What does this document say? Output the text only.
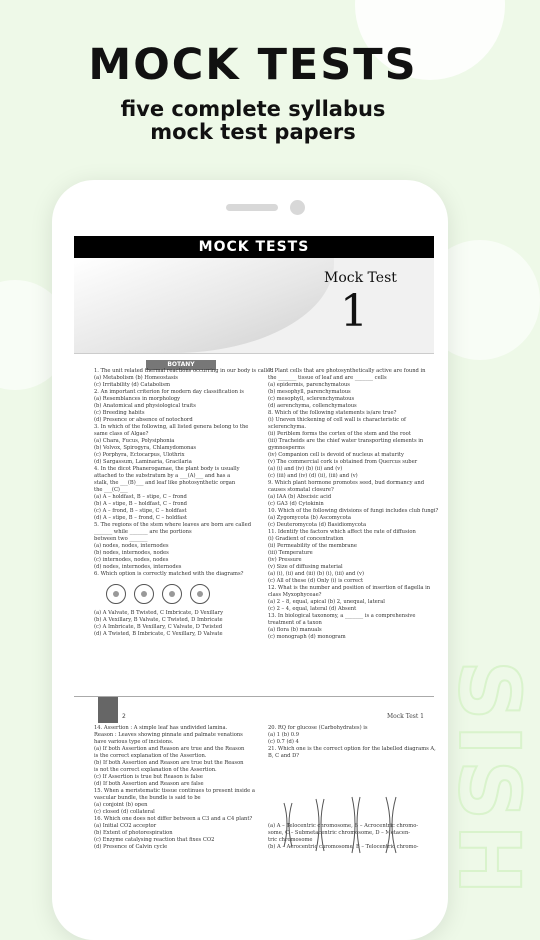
MOCK TESTS
five complete syllabus
mock test papers
SISH
MOCK TESTS
Mock Test
1
BOTANY
1. The unit related thermal reactions occurring in our body is called
(a) Metabolism (b) Homeostasis
(c) Irritability (d) Catabolism
2. An important criterion for modern day classification is
(a) Resemblances in morphology
(b) Anatomical and physiological traits
(c) Breeding habits
(d) Presence or absence of notochord
3. In which of the following, all listed genera belong to the
same class of Algae?
(a) Chara, Fucus, Polysiphonia
(b) Volvox, Spirogyra, Chlamydomonas
(c) Porphyra, Ectocarpus, Ulothrix
(d) Sargassum, Laminaria, Gracilaria
4. In the dicot Phanerogamae, the plant body is usually
attached to the substratum by a ___(A)___ and has a
stalk, the ___(B)___ and leaf like photosynthetic organ
the ___(C)___
(a) A – holdfast, B – stipe, C – frond
(b) A – stipe, B – holdfast, C – frond
(c) A – frond, B – stipe, C – holdfast
(d) A – stipe, B – frond, C – holdfast
5. The regions of the stem where leaves are born are called
_______ while _______ are the portions
between two _______
(a) nodes, nodes, internodes
(b) nodes, internodes, nodes
(c) internodes, nodes, nodes
(d) nodes, internodes, internodes
6. Which option is correctly matched with the diagrams?
(a) A Valvate, B Twisted, C Imbricate, D Vexillary
(b) A Vexillary, B Valvate, C Twisted, D Imbricate
(c) A Imbricate, B Vexillary, C Valvate, D Twisted
(d) A Twisted, B Imbricate, C Vexillary, D Valvate
7. Plant cells that are photosynthetically active are found in
the _______ tissue of leaf and are _______ cells
(a) epidermis, parenchymatous
(b) mesophyll, parenchymatous
(c) mesophyll, sclerenchymatous
(d) aerenchyma, collenchymatous
8. Which of the following statements is/are true?
(i) Uneven thickening of cell wall is characteristic of
sclerenchyma.
(ii) Periblem forms the cortex of the stem and the root
(iii) Tracheids are the chief water transporting elements in
gymnosperms
(iv) Companion cell is devoid of nucleus at maturity
(v) The commercial cork is obtained from Quercus suber
(a) (i) and (iv) (b) (ii) and (v)
(c) (iii) and (iv) (d) (ii), (iii) and (v)
9. Which plant hormone promotes seed, bud dormancy and
causes stomatal closure?
(a) IAA (b) Abscisic acid
(c) GA3 (d) Cytokinin
10. Which of the following divisions of fungi includes club fungi?
(a) Zygomycota (b) Ascomycota
(c) Deuteromycota (d) Basidiomycota
11. Identify the factors which affect the rate of diffusion
(i) Gradient of concentration
(ii) Permeability of the membrane
(iii) Temperature
(iv) Pressure
(v) Size of diffusing material
(a) (i), (ii) and (iii) (b) (i), (iii) and (v)
(c) All of these (d) Only (i) is correct
12. What is the number and position of insertion of flagella in
class Myxophyceae?
(a) 2 – 8, equal, apical (b) 2, unequal, lateral
(c) 2 – 4, equal, lateral (d) Absent
13. In biological taxonomy, a _______ is a comprehensive
treatment of a taxon
(a) flora (b) manuals
(c) monograph (d) monogram
2	Mock Test 1
14. Assertion : A simple leaf has undivided lamina.
Reason : Leaves showing pinnate and palmate venations
have various type of incisions.
(a) If both Assertion and Reason are true and the Reason
is the correct explanation of the Assertion.
(b) If both Assertion and Reason are true but the Reason
is not the correct explanation of the Assertion.
(c) If Assertion is true but Reason is false
(d) If both Assertion and Reason are false
15. When a meristematic tissue continues to present inside a
vascular bundle, the bundle is said to be
(a) conjoint (b) open
(c) closed (d) collateral
16. Which one does not differ between a C3 and a C4 plant?
(a) Initial CO2 acceptor
(b) Extent of photorespiration
(c) Enzyme catalysing reaction that fixes CO2
(d) Presence of Calvin cycle
20. RQ for glucose (Carbohydrates) is
(a) 1 (b) 0.9
(c) 0.7 (d) 4
21. Which one is the correct option for the labelled diagrams A,
B, C and D?
(a) A – Telocentric chromosome, B – Acrocentric chromo-
some, C – Submetacentric chromosome, D – Metacen-
tric chromosome
(b) A – Acrocentric chromosome, B – Telocentric chromo-
